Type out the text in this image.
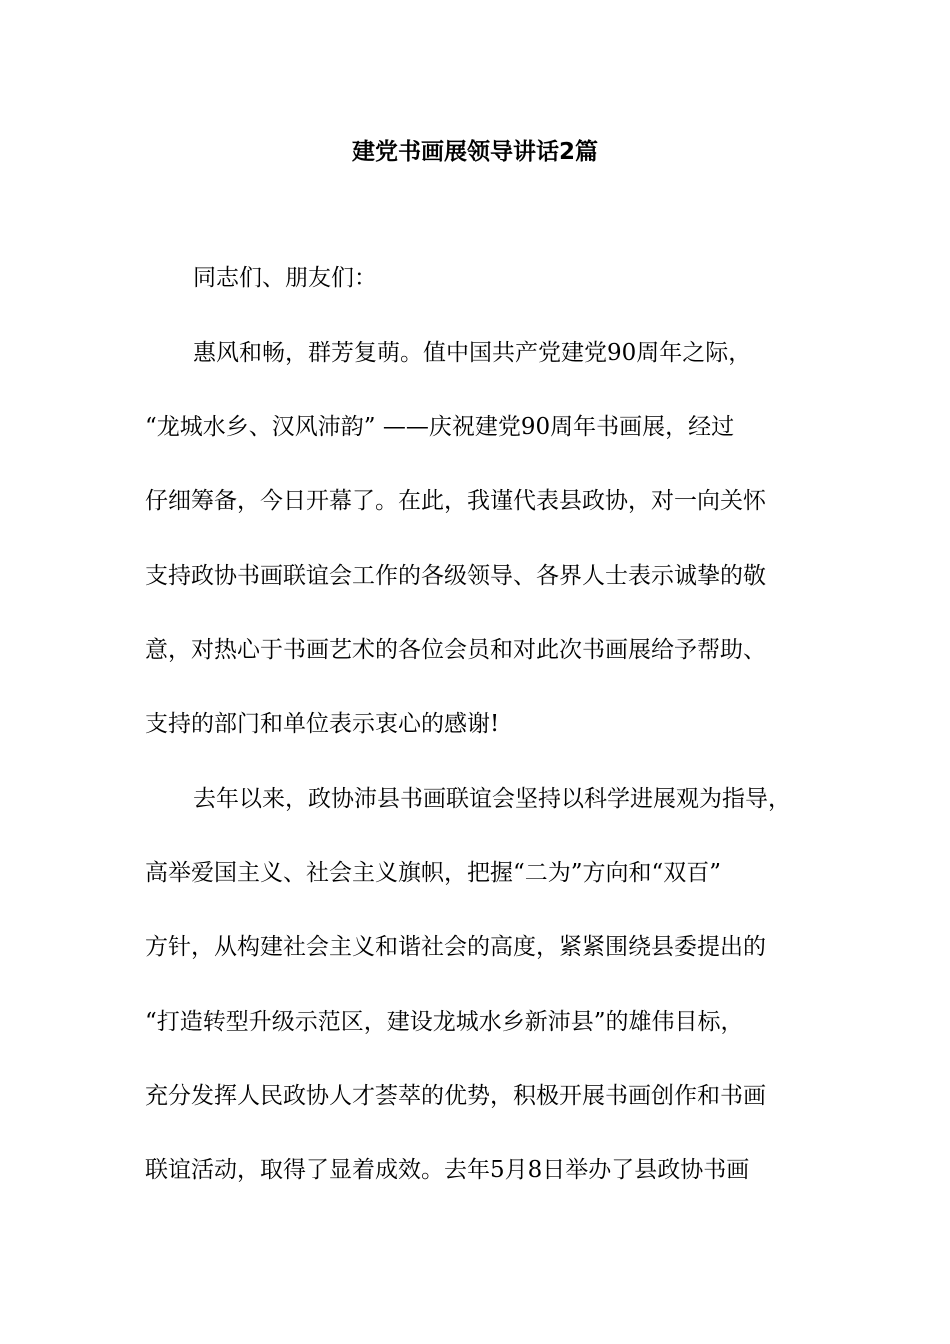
建党书画展领导讲话2篇
同志们、朋友们：
惠风和畅，群芳复萌。值中国共产党建党90周年之际，
“龙城水乡、汉风沛韵” ——庆祝建党90周年书画展，经过
仔细筹备，今日开幕了。在此，我谨代表县政协，对一向关怀
支持政协书画联谊会工作的各级领导、各界人士表示诚挚的敬
意，对热心于书画艺术的各位会员和对此次书画展给予帮助、
支持的部门和单位表示衷心的感谢!
去年以来，政协沛县书画联谊会坚持以科学进展观为指导，
高举爱国主义、社会主义旗帜，把握“二为”方向和“双百”
方针，从构建社会主义和谐社会的高度，紧紧围绕县委提出的
“打造转型升级示范区，建设龙城水乡新沛县”的雄伟目标，
充分发挥人民政协人才荟萃的优势，积极开展书画创作和书画
联谊活动，取得了显着成效。去年5月8日举办了县政协书画
